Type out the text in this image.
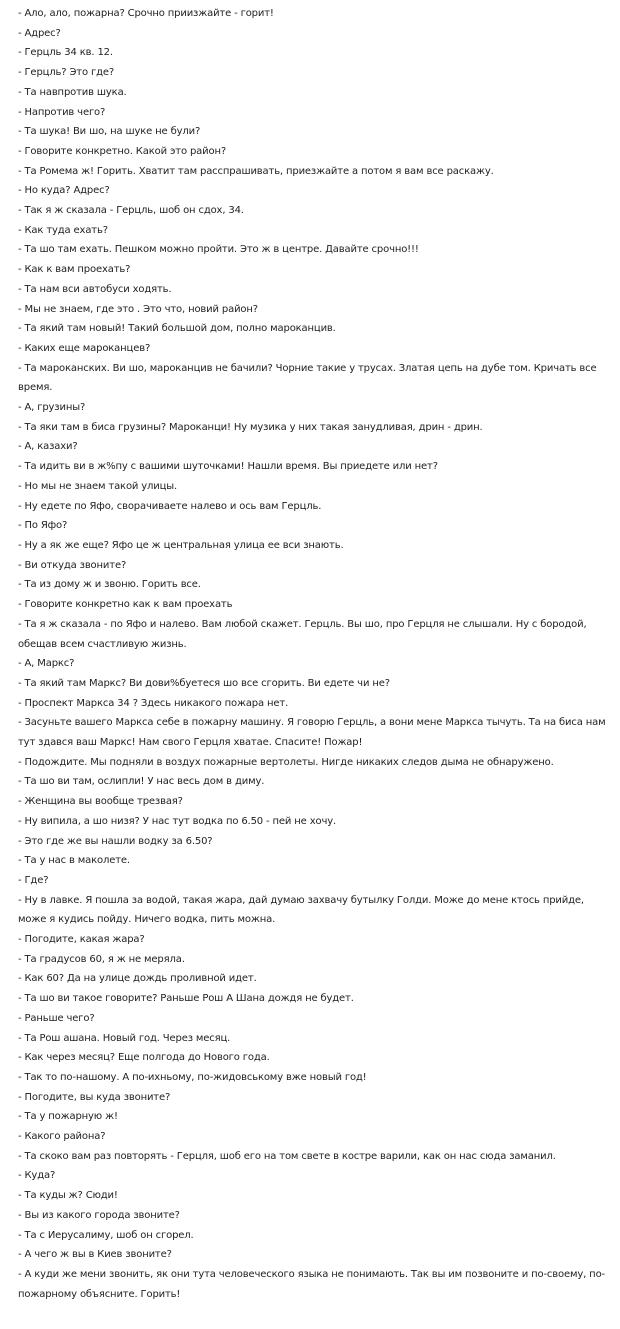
- Ало, ало, пожарна? Срочно приизжайте - горит!

- Адрес?

- Герцль 34 кв. 12.

- Герцль? Это где?

- Та навпротив шука.

- Напротив чего?

- Та шука! Ви шо, на шуке не були?

- Говорите конкретно. Какой это район?

- Та Ромема ж! Горить. Хватит там расспрашивать, приезжайте а потом я вам все раскажу.

- Но куда? Адрес?

- Так я ж сказала - Герцль, шоб он сдох, 34.

- Как туда ехать?

- Та шо там ехать. Пешком можно пройти. Это ж в центре. Давайте срочно!!!

- Как к вам проехать?

- Та нам вси автобуси ходять.

- Мы не знаем, где это . Это что, новий район?

- Та який там новый! Такий большой дом, полно мароканцив.

- Каких еще мароканцев?

- Та мароканских. Ви шо, мароканцив не бачили? Чорние такие у трусах. Златая цепь на дубе том. Кричать все время.

- А, грузины?

- Та яки там в биса грузины? Мароканци! Ну музика у них такая занудливая, дрин - дрин.

- А, казахи?

- Та идить ви в ж%пу с вашими шуточками! Нашли время. Вы приедете или нет?

- Но мы не знаем такой улицы.

- Ну едете по Яфо, сворачиваете налево и ось вам Герцль.

- По Яфо?

- Ну а як же еще? Яфо це ж центральная улица ее вси знають.

- Ви откуда звоните?

- Та из дому ж и звоню. Горить все.

- Говорите конкретно как к вам проехать

- Та я ж сказала - по Яфо и налево. Вам любой скажет. Герцль. Вы шо, про Герцля не слышали. Ну с бородой, обещав всем счастливую жизнь.

- А, Маркс?

- Та який там Маркс? Ви дови%буетеся шо все сгорить. Ви едете чи не?

- Проспект Маркса 34 ? Здесь никакого пожара нет.

- Засуньте вашего Маркса себе в пожарну машину. Я говорю Герцль, а вони мене Маркса тычуть. Та на биса нам тут здався ваш Маркс! Нам свого Герцля хватае. Спасите! Пожар!

- Подождите. Мы подняли в воздух пожарные вертолеты. Нигде никаких следов дыма не обнаружено.

- Та шо ви там, ослипли! У нас весь дом в диму.

- Женщина вы вообще трезвая?

- Ну випила, а шо низя? У нас тут водка по 6.50 - пей не хочу.

- Это где же вы нашли водку за 6.50?

- Та у нас в маколете.

- Где?

- Ну в лавке. Я пошла за водой, такая жара, дай думаю захвачу бутылку Голди. Може до мене ктось прийде, може я кудись пойду. Ничего водка, пить можна.

- Погодите, какая жара?

- Та градусов 60, я ж не меряла.

- Как 60? Да на улице дождь проливной идет.

- Та шо ви такое говорите? Раньше Рош А Шана дождя не будет.

- Раньше чего?

- Та Рош ашана. Новый год. Через месяц.

- Как через месяц? Еще полгода до Нового года.

- Так то по-нашому. А по-ихньому, по-жидовському вже новый год!

- Погодите, вы куда звоните?

- Та у пожарную ж!

- Какого района?

- Та скоко вам раз повторять - Герцля, шоб его на том свете в костре варили, как он нас сюда заманил.

- Куда?

- Та куды ж? Сюди!

- Вы из какого города звоните?

- Та с Иерусалиму, шоб он сгорел.

- А чего ж вы в Киев звоните?

- А куди же мени звонить, як они тута человеческого языка не понимають. Так вы им позвоните и по-своему, по-пожарному объясните. Горить!
